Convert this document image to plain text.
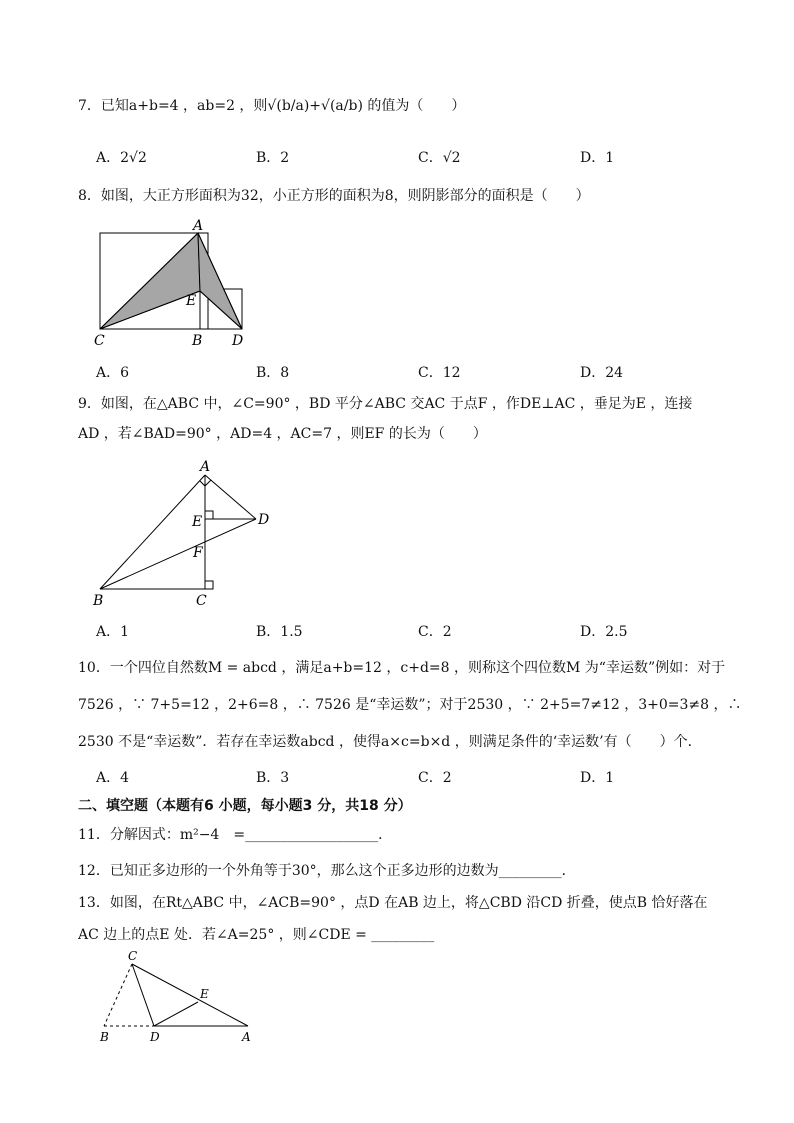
7．已知a+b=4 ，ab=2 ，则√(b/a)+√(a/b) 的值为（　　）
A．2√2	B．2	C．√2	D．1
8．如图，大正方形面积为32，小正方形的面积为8，则阴影部分的面积是（　　）
A
E
C	B D
A．6	B．8	C．12	D．24
9．如图，在△ABC 中，∠C=90° ，BD 平分∠ABC 交AC 于点F ，作DE⊥AC ，垂足为E ，连接
AD ，若∠BAD=90° ，AD=4 ，AC=7 ，则EF 的长为（　　）
A
E	D
F
B	C
A．1	B．1.5	C．2	D．2.5
10．一个四位自然数M = abcd ，满足a+b=12 ，c+d=8 ，则称这个四位数M 为“幸运数”例如：对于
7526 ，∵ 7+5=12 ，2+6=8 ，∴ 7526 是“幸运数”；对于2530 ，∵ 2+5=7≠12 ，3+0=3≠8 ，∴
2530 不是“幸运数”．若存在幸运数abcd ，使得a×c=b×d ，则满足条件的‘幸运数’有（　　）个．
A．4	B．3	C．2	D．1
二、填空题（本题有6 小题，每小题3 分，共18 分）
11．分解因式：m²−4　=___________________．
12．已知正多边形的一个外角等于30°，那么这个正多边形的边数为_________．
13．如图，在Rt△ABC 中，∠ACB=90° ，点D 在AB 边上，将△CBD 沿CD 折叠，使点B 恰好落在
AC 边上的点E 处．若∠A=25° ，则∠CDE = _________
C
E
B	D	A
